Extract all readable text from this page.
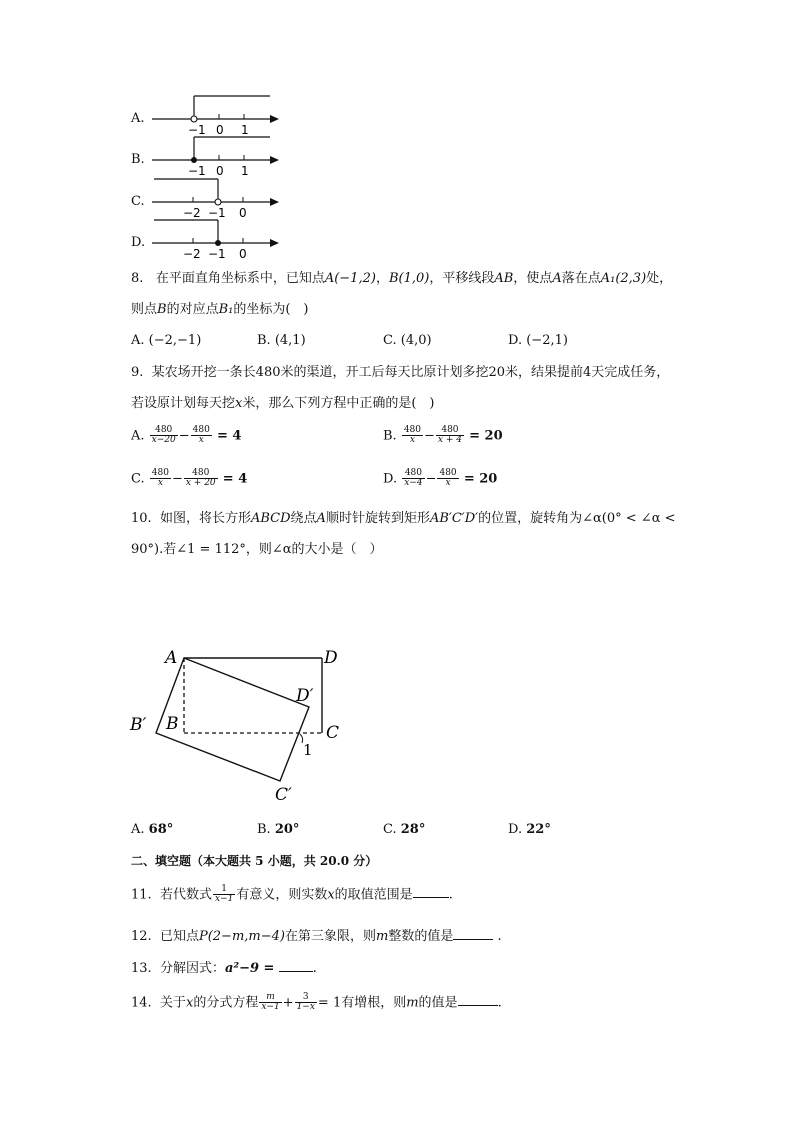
A.
−1 0 1
B.
−1 0 1
C.
−2 −1 0
D.
−2 −1 0
8. 在平面直角坐标系中，已知点A(−1,2)，B(1,0)，平移线段AB，使点A落在点A₁(2,3)处，
则点B的对应点B₁的坐标为(　)
A. (−2,−1)	B. (4,1)	C. (4,0)	D. (−2,1)
9. 某农场开挖一条长480米的渠道，开工后每天比原计划多挖20米，结果提前4天完成任务，
若设原计划每天挖x米，那么下列方程中正确的是(　)
A. $\frac{480}{x-20} - \frac{480}{x} = 4$	B. $\frac{480}{x} - \frac{480}{x + 4} = 20$
C. $\frac{480}{x} - \frac{480}{x + 20} = 4$	D. $\frac{480}{x-4} - \frac{480}{x} = 20$
10. 如图，将长方形ABCD绕点A顺时针旋转到矩形AB′C′D′的位置，旋转角为∠α(0° < ∠α <
90°).若∠1 = 112°，则∠α的大小是（　）
A	D
C
B
B′
D′
C′
1
A. 68°	B. 20°	C. 28°	D. 22°
二、填空题（本大题共 5 小题，共 20.0 分）
11. 若代数式 $\frac{1}{x-1}$ 有意义，则实数x的取值范围是	.
12. 已知点P(2−m,m−4)在第三象限，则m整数的值是	.
13. 分解因式：a²−9 =	.
14. 关于x的分式方程 $\frac{m}{x-1} + \frac{3}{1-x} = 1$有增根，则m的值是	.
